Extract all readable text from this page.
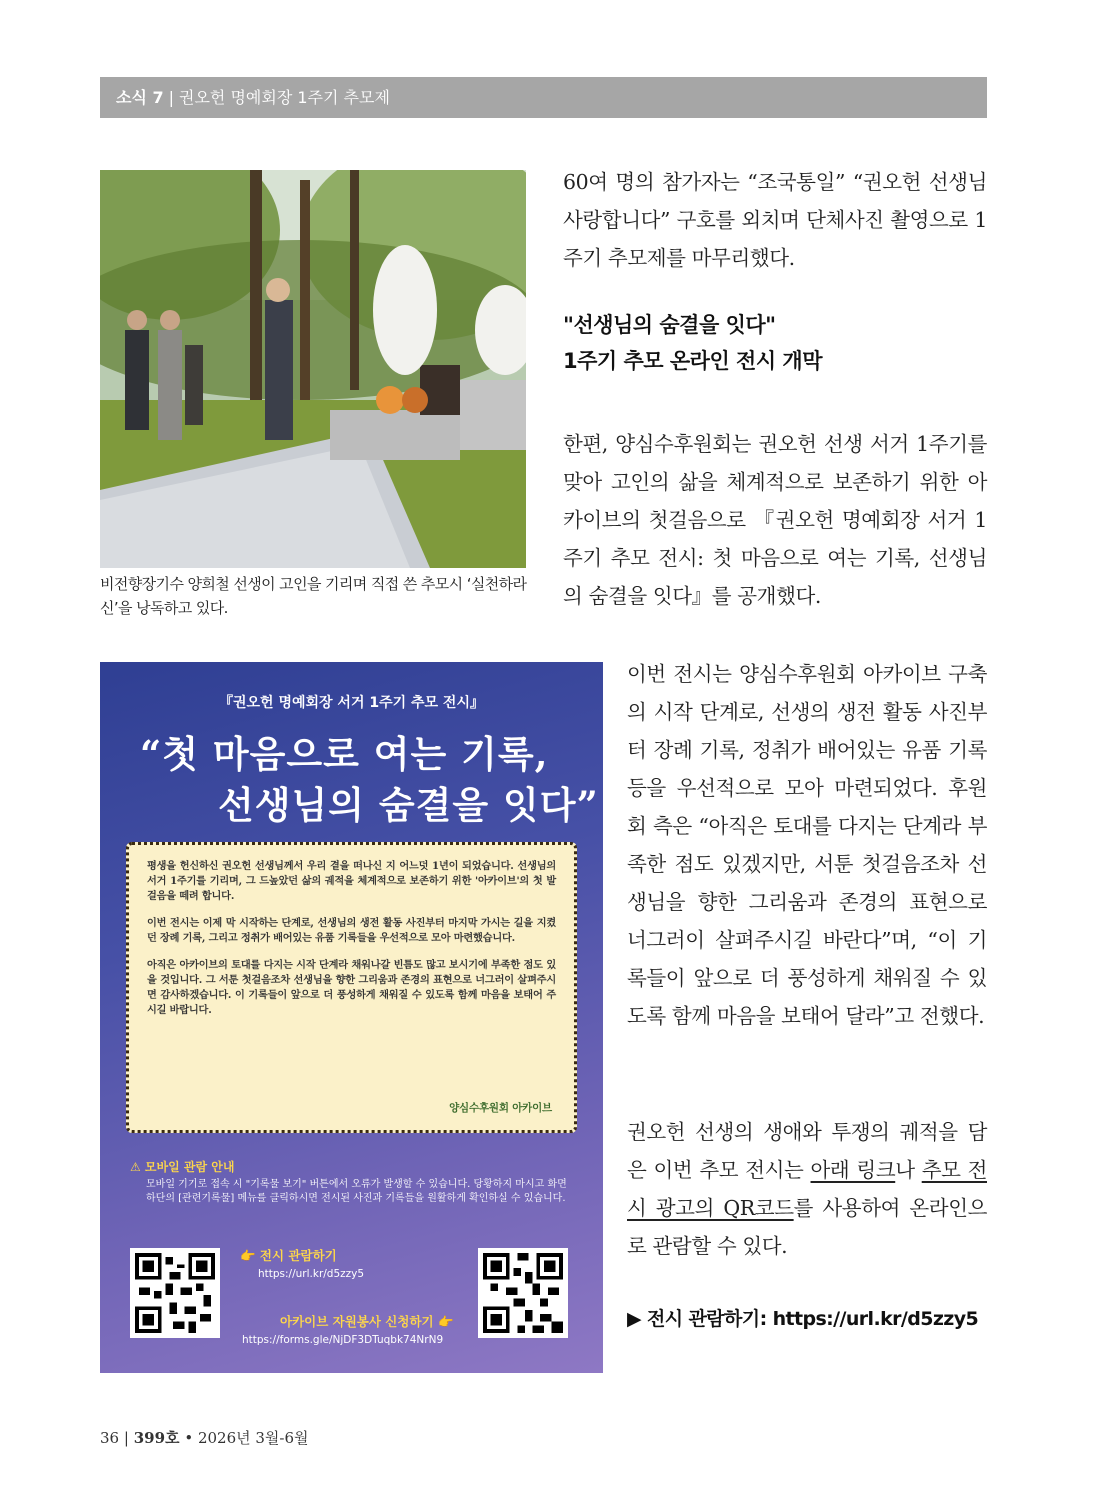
소식 7 | 권오헌 명예회장 1주기 추모제
비전향장기수 양희철 선생이 고인을 기리며 직접 쓴 추모시 ‘실천하라 신’을 낭독하고 있다.
60여 명의 참가자는 “조국통일” “권오헌 선생님 사랑합니다” 구호를 외치며 단체사진 촬영으로 1주기 추모제를 마무리했다.
"선생님의 숨결을 잇다"
1주기 추모 온라인 전시 개막
한편, 양심수후원회는 권오헌 선생 서거 1주기를 맞아 고인의 삶을 체계적으로 보존하기 위한 아카이브의 첫걸음으로 『권오헌 명예회장 서거 1주기 추모 전시: 첫 마음으로 여는 기록, 선생님의 숨결을 잇다』를 공개했다.
이번 전시는 양심수후원회 아카이브 구축의 시작 단계로, 선생의 생전 활동 사진부터 장례 기록, 정취가 배어있는 유품 기록 등을 우선적으로 모아 마련되었다. 후원회 측은 “아직은 토대를 다지는 단계라 부족한 점도 있겠지만, 서툰 첫걸음조차 선생님을 향한 그리움과 존경의 표현으로 너그러이 살펴주시길 바란다”며, “이 기록들이 앞으로 더 풍성하게 채워질 수 있도록 함께 마음을 보태어 달라”고 전했다.
권오헌 선생의 생애와 투쟁의 궤적을 담은 이번 추모 전시는 아래 링크나 추모 전시 광고의 QR코드를 사용하여 온라인으로 관람할 수 있다.
▶ 전시 관람하기: https://url.kr/d5zzy5
『권오헌 명예회장 서거 1주기 추모 전시』
“첫 마음으로 여는 기록,
선생님의 숨결을 잇다”

평생을 헌신하신 권오헌 선생님께서 우리 곁을 떠나신 지 어느덧 1년이 되었습니다. 선생님의 서거 1주기를 기리며, 그 드높았던 삶의 궤적을 체계적으로 보존하기 위한 '아카이브'의 첫 발걸음을 떼려 합니다.

이번 전시는 이제 막 시작하는 단계로, 선생님의 생전 활동 사진부터 마지막 가시는 길을 지켰던 장례 기록, 그리고 정취가 배어있는 유품 기록들을 우선적으로 모아 마련했습니다.

아직은 아카이브의 토대를 다지는 시작 단계라 채워나갈 빈틈도 많고 보시기에 부족한 점도 있을 것입니다. 그 서툰 첫걸음조차 선생님을 향한 그리움과 존경의 표현으로 너그러이 살펴주시면 감사하겠습니다. 이 기록들이 앞으로 더 풍성하게 채워질 수 있도록 함께 마음을 보태어 주시길 바랍니다.

양심수후원회 아카이브
⚠ 모바일 관람 안내
모바일 기기로 접속 시 "기록물 보기" 버튼에서 오류가 발생할 수 있습니다. 당황하지 마시고 화면 하단의 [관련기록물] 메뉴를 클릭하시면 전시된 사진과 기록들을 원활하게 확인하실 수 있습니다.
👉 전시 관람하기
https://url.kr/d5zzy5
아카이브 자원봉사 신청하기 👉
https://forms.gle/NjDF3DTuqbk74NrN9
36 | 399호 • 2026년 3월-6월
